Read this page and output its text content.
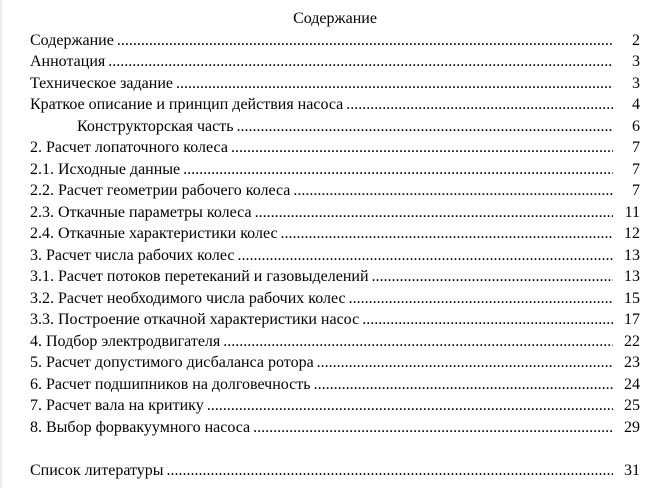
Содержание
Содержание .....	2
Аннотация .....	3
Техническое задание .....	3
Краткое описание и принцип действия насоса .....	4
Конструкторская часть .....	6
2. Расчет лопаточного колеса .....	7
2.1. Исходные данные .....	7
2.2. Расчет геометрии рабочего колеса .....	7
2.3. Откачные параметры колеса .....	11
2.4. Откачные характеристики колес .....	12
3. Расчет числа рабочих колес .....	13
3.1. Расчет потоков перетеканий и газовыделений .....	13
3.2. Расчет необходимого числа рабочих колес .....	15
3.3. Построение откачной характеристики насос .....	17
4. Подбор электродвигателя .....	22
5. Расчет допустимого дисбаланса ротора .....	23
6. Расчет подшипников на долговечность .....	24
7. Расчет вала на критику .....	25
8. Выбор форвакуумного насоса .....	29
Список литературы .....	31
